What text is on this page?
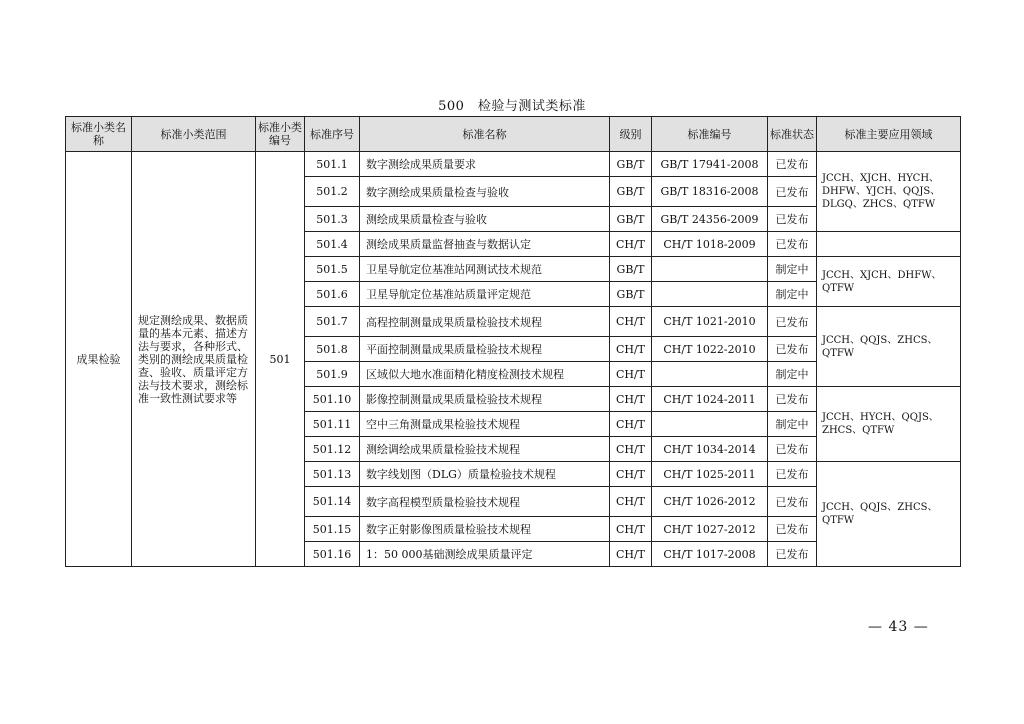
500　检验与测试类标准
标准小类名称	标准小类范围	标准小类编号	标准序号	标准名称	级别	标准编号	标准状态	标准主要应用领域
成果检验	规定测绘成果、数据质量的基本元素、描述方法与要求，各种形式、类别的测绘成果质量检查、验收、质量评定方法与技术要求，测绘标准一致性测试要求等	501	501.1	数字测绘成果质量要求	GB/T	GB/T 17941-2008	已发布	JCCH、XJCH、HYCH、DHFW、YJCH、QQJS、DLGQ、ZHCS、QTFW
			501.2	数字测绘成果质量检查与验收	GB/T	GB/T 18316-2008	已发布	
			501.3	测绘成果质量检查与验收	GB/T	GB/T 24356-2009	已发布	
			501.4	测绘成果质量监督抽查与数据认定	CH/T	CH/T 1018-2009	已发布	
			501.5	卫星导航定位基准站网测试技术规范	GB/T		制定中	JCCH、XJCH、DHFW、QTFW
			501.6	卫星导航定位基准站质量评定规范	GB/T		制定中	
			501.7	高程控制测量成果质量检验技术规程	CH/T	CH/T 1021-2010	已发布	JCCH、QQJS、ZHCS、QTFW
			501.8	平面控制测量成果质量检验技术规程	CH/T	CH/T 1022-2010	已发布	
			501.9	区域似大地水准面精化精度检测技术规程	CH/T		制定中	
			501.10	影像控制测量成果质量检验技术规程	CH/T	CH/T 1024-2011	已发布	JCCH、HYCH、QQJS、ZHCS、QTFW
			501.11	空中三角测量成果检验技术规程	CH/T		制定中	
			501.12	测绘调绘成果质量检验技术规程	CH/T	CH/T 1034-2014	已发布	
			501.13	数字线划图（DLG）质量检验技术规程	CH/T	CH/T 1025-2011	已发布	JCCH、QQJS、ZHCS、QTFW
			501.14	数字高程模型质量检验技术规程	CH/T	CH/T 1026-2012	已发布	
			501.15	数字正射影像图质量检验技术规程	CH/T	CH/T 1027-2012	已发布	
			501.16	1：50 000基础测绘成果质量评定	CH/T	CH/T 1017-2008	已发布	
— 43 —
